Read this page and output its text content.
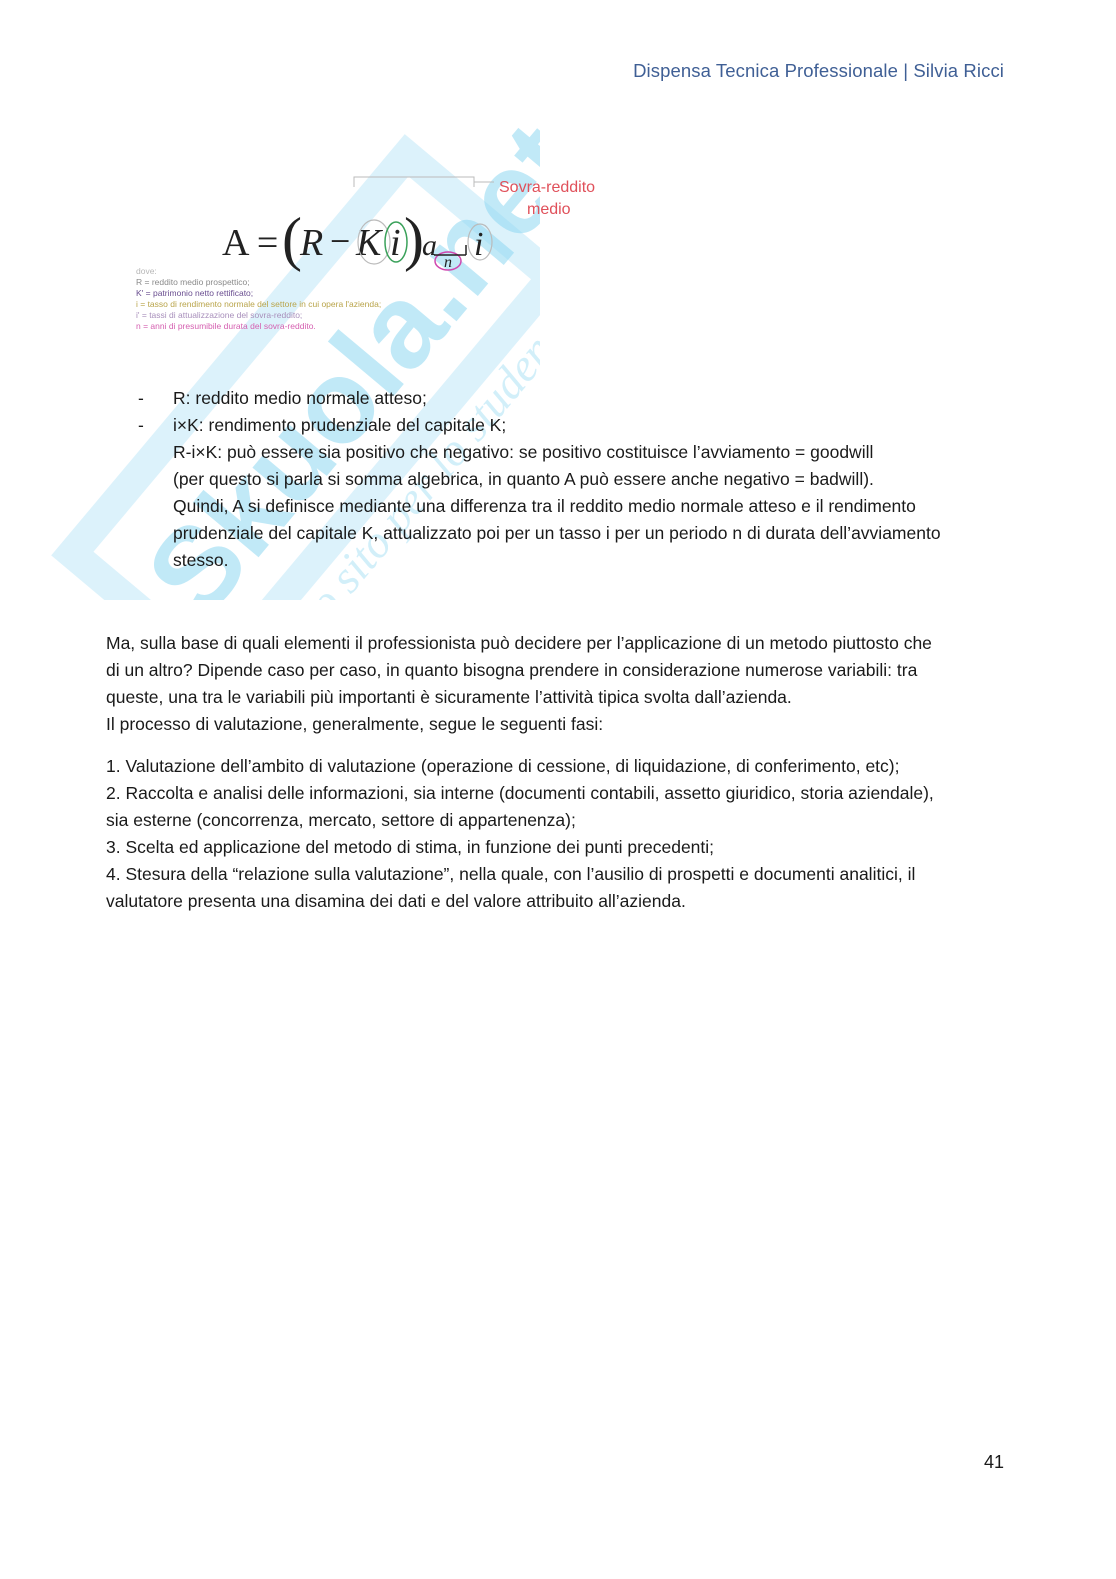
Skuola.net
sito per lo studente
Dispensa Tecnica Professionale | Silvia Ricci
Sovra-reddito
medio
A = (
R − K i )
a
n i
dove:
R = reddito medio prospettico;
K' = patrimonio netto rettificato;
i = tasso di rendimento normale del settore in cui opera l'azienda;
i' = tassi di attualizzazione del sovra-reddito;
n = anni di presumibile durata del sovra-reddito.
-	R: reddito medio normale atteso;
-	i×K: rendimento prudenziale del capitale K;
R-i×K: può essere sia positivo che negativo: se positivo costituisce l’avviamento = goodwill
(per questo si parla si somma algebrica, in quanto A può essere anche negativo = badwill).
Quindi, A si definisce mediante una differenza tra il reddito medio normale atteso e il rendimento
prudenziale del capitale K, attualizzato poi per un tasso i per un periodo n di durata dell’avviamento
stesso.
Ma, sulla base di quali elementi il professionista può decidere per l’applicazione di un metodo piuttosto che
di un altro? Dipende caso per caso, in quanto bisogna prendere in considerazione numerose variabili: tra
queste, una tra le variabili più importanti è sicuramente l’attività tipica svolta dall’azienda.
Il processo di valutazione, generalmente, segue le seguenti fasi:
1. Valutazione dell’ambito di valutazione (operazione di cessione, di liquidazione, di conferimento, etc);
2. Raccolta e analisi delle informazioni, sia interne (documenti contabili, assetto giuridico, storia aziendale),
sia esterne (concorrenza, mercato, settore di appartenenza);
3. Scelta ed applicazione del metodo di stima, in funzione dei punti precedenti;
4. Stesura della “relazione sulla valutazione”, nella quale, con l’ausilio di prospetti e documenti analitici, il
valutatore presenta una disamina dei dati e del valore attribuito all’azienda.
41
